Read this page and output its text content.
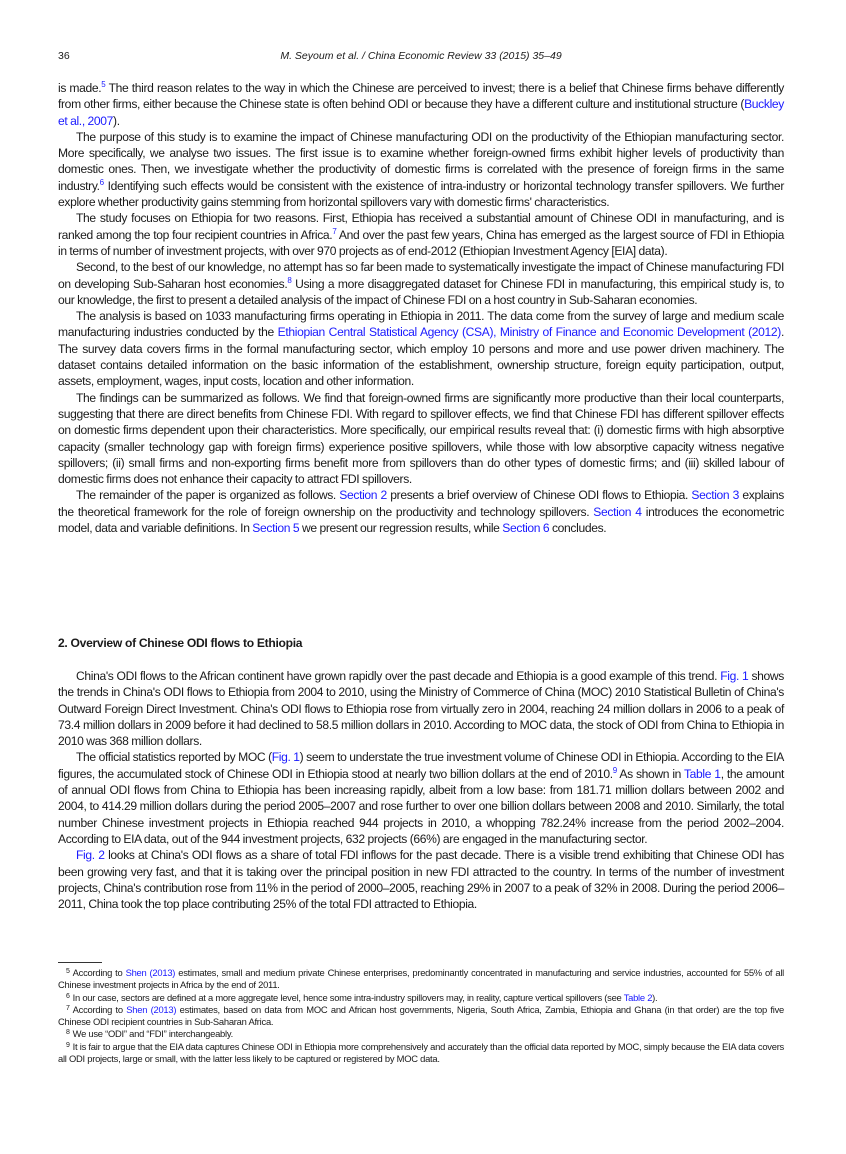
36	M. Seyoum et al. / China Economic Review 33 (2015) 35–49

is made.$^5$ The third reason relates to the way in which the Chinese are perceived to invest; there is a belief that Chinese firms behave differently from other firms, either because the Chinese state is often behind ODI or because they have a different culture and institutional structure (Buckley et al., 2007).

The purpose of this study is to examine the impact of Chinese manufacturing ODI on the productivity of the Ethiopian manufacturing sector. More specifically, we analyse two issues. The first issue is to examine whether foreign-owned firms exhibit higher levels of productivity than domestic ones. Then, we investigate whether the productivity of domestic firms is correlated with the presence of foreign firms in the same industry.$^6$ Identifying such effects would be consistent with the existence of intra-industry or horizontal technology transfer spillovers. We further explore whether productivity gains stemming from horizontal spillovers vary with domestic firms' characteristics.

The study focuses on Ethiopia for two reasons. First, Ethiopia has received a substantial amount of Chinese ODI in manufacturing, and is ranked among the top four recipient countries in Africa.$^7$ And over the past few years, China has emerged as the largest source of FDI in Ethiopia in terms of number of investment projects, with over 970 projects as of end-2012 (Ethiopian Investment Agency [EIA] data).

Second, to the best of our knowledge, no attempt has so far been made to systematically investigate the impact of Chinese manufacturing FDI on developing Sub-Saharan host economies.$^8$ Using a more disaggregated dataset for Chinese FDI in manufacturing, this empirical study is, to our knowledge, the first to present a detailed analysis of the impact of Chinese FDI on a host country in Sub-Saharan economies.

The analysis is based on 1033 manufacturing firms operating in Ethiopia in 2011. The data come from the survey of large and medium scale manufacturing industries conducted by the Ethiopian Central Statistical Agency (CSA), Ministry of Finance and Economic Development (2012). The survey data covers firms in the formal manufacturing sector, which employ 10 persons and more and use power driven machinery. The dataset contains detailed information on the basic information of the establishment, ownership structure, foreign equity participation, output, assets, employment, wages, input costs, location and other information.

The findings can be summarized as follows. We find that foreign-owned firms are significantly more productive than their local counterparts, suggesting that there are direct benefits from Chinese FDI. With regard to spillover effects, we find that Chinese FDI has different spillover effects on domestic firms dependent upon their characteristics. More specifically, our empirical results reveal that: (i) domestic firms with high absorptive capacity (smaller technology gap with foreign firms) experience positive spillovers, while those with low absorptive capacity witness negative spillovers; (ii) small firms and non-exporting firms benefit more from spillovers than do other types of domestic firms; and (iii) skilled labour of domestic firms does not enhance their capacity to attract FDI spillovers.

The remainder of the paper is organized as follows. Section 2 presents a brief overview of Chinese ODI flows to Ethiopia. Section 3 explains the theoretical framework for the role of foreign ownership on the productivity and technology spillovers. Section 4 introduces the econometric model, data and variable definitions. In Section 5 we present our regression results, while Section 6 concludes.

2. Overview of Chinese ODI flows to Ethiopia

China's ODI flows to the African continent have grown rapidly over the past decade and Ethiopia is a good example of this trend. Fig. 1 shows the trends in China's ODI flows to Ethiopia from 2004 to 2010, using the Ministry of Commerce of China (MOC) 2010 Statistical Bulletin of China's Outward Foreign Direct Investment. China's ODI flows to Ethiopia rose from virtually zero in 2004, reaching 24 million dollars in 2006 to a peak of 73.4 million dollars in 2009 before it had declined to 58.5 million dollars in 2010. According to MOC data, the stock of ODI from China to Ethiopia in 2010 was 368 million dollars.

The official statistics reported by MOC (Fig. 1) seem to understate the true investment volume of Chinese ODI in Ethiopia. According to the EIA figures, the accumulated stock of Chinese ODI in Ethiopia stood at nearly two billion dollars at the end of 2010.$^9$ As shown in Table 1, the amount of annual ODI flows from China to Ethiopia has been increasing rapidly, albeit from a low base: from 181.71 million dollars between 2002 and 2004, to 414.29 million dollars during the period 2005–2007 and rose further to over one billion dollars between 2008 and 2010. Similarly, the total number Chinese investment projects in Ethiopia reached 944 projects in 2010, a whopping 782.24% increase from the period 2002–2004. According to EIA data, out of the 944 investment projects, 632 projects (66%) are engaged in the manufacturing sector.

Fig. 2 looks at China's ODI flows as a share of total FDI inflows for the past decade. There is a visible trend exhibiting that Chinese ODI has been growing very fast, and that it is taking over the principal position in new FDI attracted to the country. In terms of the number of investment projects, China's contribution rose from 11% in the period of 2000–2005, reaching 29% in 2007 to a peak of 32% in 2008. During the period 2006–2011, China took the top place contributing 25% of the total FDI attracted to Ethiopia.

$^5$ According to Shen (2013) estimates, small and medium private Chinese enterprises, predominantly concentrated in manufacturing and service industries, accounted for 55% of all Chinese investment projects in Africa by the end of 2011.

$^6$ In our case, sectors are defined at a more aggregate level, hence some intra-industry spillovers may, in reality, capture vertical spillovers (see Table 2).

$^7$ According to Shen (2013) estimates, based on data from MOC and African host governments, Nigeria, South Africa, Zambia, Ethiopia and Ghana (in that order) are the top five Chinese ODI recipient countries in Sub-Saharan Africa.

$^8$ We use “ODI” and “FDI” interchangeably.

$^9$ It is fair to argue that the EIA data captures Chinese ODI in Ethiopia more comprehensively and accurately than the official data reported by MOC, simply because the EIA data covers all ODI projects, large or small, with the latter less likely to be captured or registered by MOC data.
